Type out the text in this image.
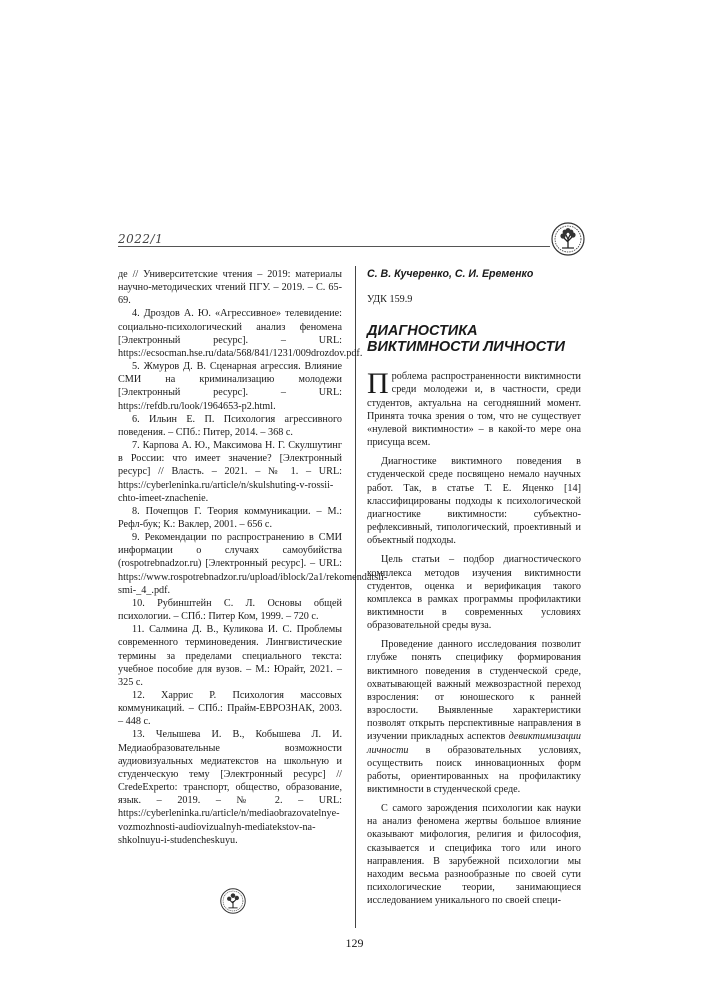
2022/1

де // Университетские чтения – 2019: материалы научно-методических чтений ПГУ. – 2019. – С. 65-69.

4. Дроздов А. Ю. «Агрессивное» телевидение: социально-психологический анализ феномена [Электронный ресурс]. – URL: https://ecsocman.hse.ru/data/568/841/1231/009drozdov.pdf.

5. Жмуров Д. В. Сценарная агрессия. Влияние СМИ на криминализацию молодежи [Электронный ресурс]. – URL: https://refdb.ru/look/1964653-p2.html.

6. Ильин Е. П. Психология агрессивного поведения. – СПб.: Питер, 2014. – 368 с.

7. Карпова А. Ю., Максимова Н. Г. Скулшутинг в России: что имеет значение? [Электронный ресурс] // Власть. – 2021. – № 1. – URL: https://cyberleninka.ru/article/n/skulshuting-v-rossii-chto-imeet-znachenie.

8. Почепцов Г. Теория коммуникации. – М.: Рефл-бук; К.: Ваклер, 2001. – 656 с.

9. Рекомендации по распространению в СМИ информации о случаях самоубийства (rospotrebnadzor.ru) [Электронный ресурс]. – URL: https://www.rospotrebnadzor.ru/upload/iblock/2a1/rekomendatsii-smi-_4_.pdf.

10. Рубинштейн С. Л. Основы общей психологии. – СПб.: Питер Ком, 1999. – 720 с.

11. Салмина Д. В., Куликова И. С. Проблемы современного терминоведения. Лингвистические термины за пределами специального текста: учебное пособие для вузов. – М.: Юрайт, 2021. – 325 с.

12. Харрис Р. Психология массовых коммуникаций. – СПб.: Прайм-ЕВРОЗНАК, 2003. – 448 с.

13. Челышева И. В., Кобышева Л. И. Медиаобразовательные возможности аудиовизуальных медиатекстов на школьную и студенческую тему [Электронный ресурс] // CredeExperto: транспорт, общество, образование, язык. – 2019. – № 2. – URL: https://cyberleninka.ru/article/n/mediaobrazovatelnye-vozmozhnosti-audiovizualnyh-mediatekstov-na-shkolnuyu-i-studencheskuyu.

С. В. Кучеренко, С. И. Еременко

УДК 159.9

ДИАГНОСТИКА
ВИКТИМНОСТИ ЛИЧНОСТИ

Проблема распространенности виктимности среди молодежи и, в частности, среди студентов, актуальна на сегодняшний момент. Принята точка зрения о том, что не существует «нулевой виктимности» – в какой-то мере она присуща всем.

Диагностике виктимного поведения в студенческой среде посвящено немало научных работ. Так, в статье Т. Е. Яценко [14] классифицированы подходы к психологической диагностике виктимности: субъектно-рефлексивный, типологический, проективный и объектный подходы.

Цель статьи – подбор диагностического комплекса методов изучения виктимности студентов, оценка и верификация такого комплекса в рамках программы профилактики виктимности в современных условиях образовательной среды вуза.

Проведение данного исследования позволит глубже понять специфику формирования виктимного поведения в студенческой среде, охватывающей важный межвозрастной переход взросления: от юношеского к ранней взрослости. Выявленные характеристики позволят открыть перспективные направления в изучении прикладных аспектов девиктимизации личности в образовательных условиях, осуществить поиск инновационных форм работы, ориентированных на профилактику виктимности в студенческой среде.

С самого зарождения психологии как науки на анализ феномена жертвы большое влияние оказывают мифология, религия и философия, сказывается и специфика того или иного направления. В зарубежной психологии мы находим весьма разнообразные по своей сути психологические теории, занимающиеся исследованием уникального по своей специ-

129
